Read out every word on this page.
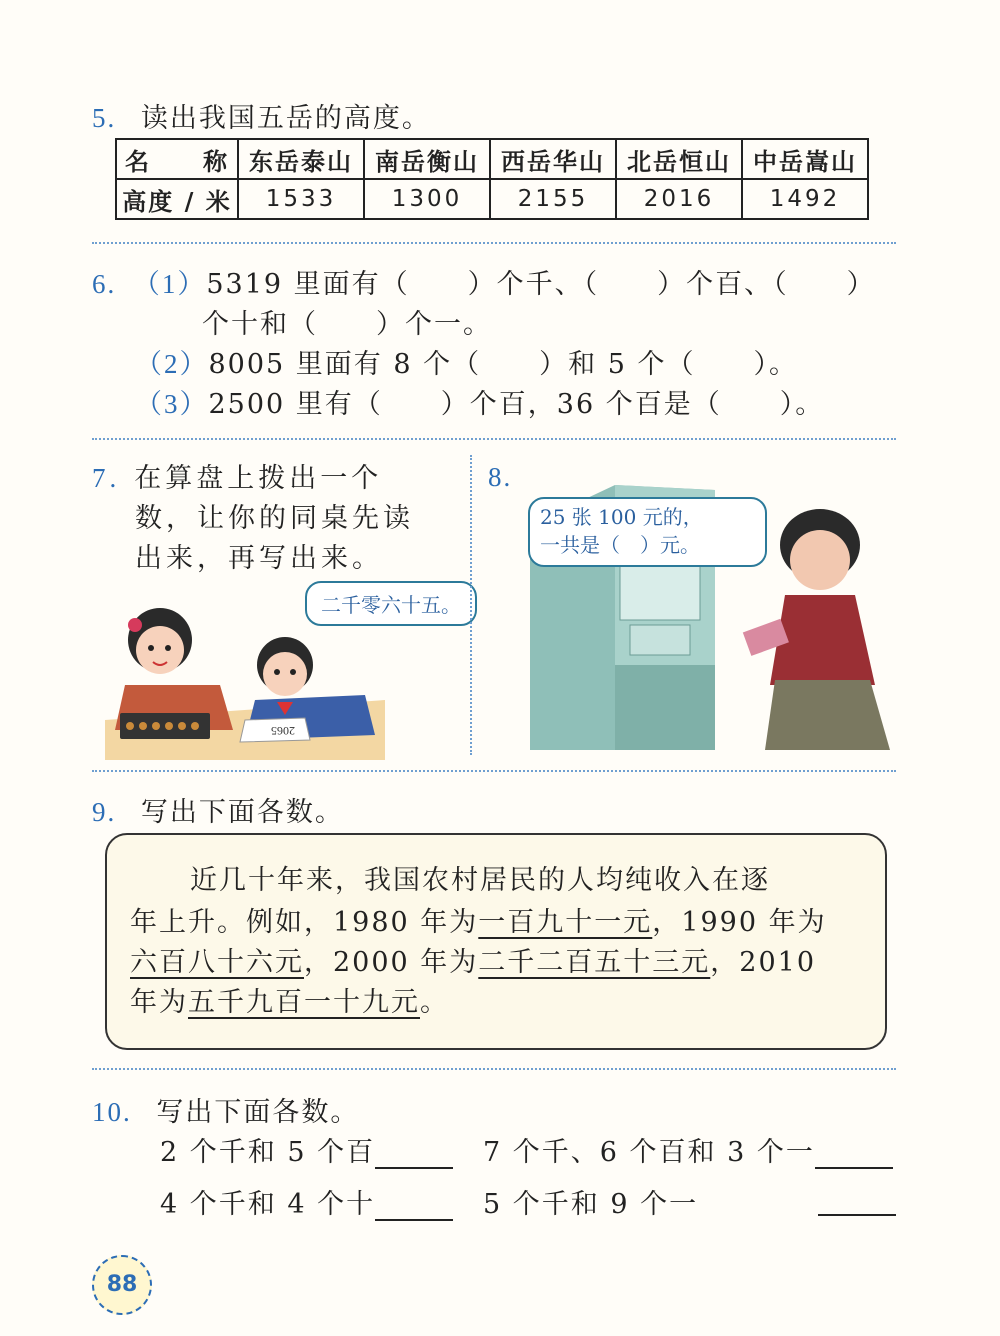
5. 读出我国五岳的高度。
名　　称	东岳泰山	南岳衡山	西岳华山	北岳恒山	中岳嵩山
高度 / 米	1533	1300	2155	2016	1492
6. （1）5319 里面有（　　）个千、（　　）个百、（　　）
个十和（　　）个一。
（2）8005 里面有 8 个（　　）和 5 个（　　）。
（3）2500 里有（　　）个百，36 个百是（　　）。
7. 在算盘上拨出一个
数，让你的同桌先读
出来，再写出来。
二千零六十五。
2065
8.
25 张 100 元的，
一共是（　）元。
9. 写出下面各数。
近几十年来，我国农村居民的人均纯收入在逐
年上升。例如，1980 年为一百九十一元，1990 年为
六百八十六元，2000 年为二千二百五十三元，2010
年为五千九百一十九元。
10. 写出下面各数。
2 个千和 5 个百	7 个千、6 个百和 3 个一
4 个千和 4 个十	5 个千和 9 个一
88
